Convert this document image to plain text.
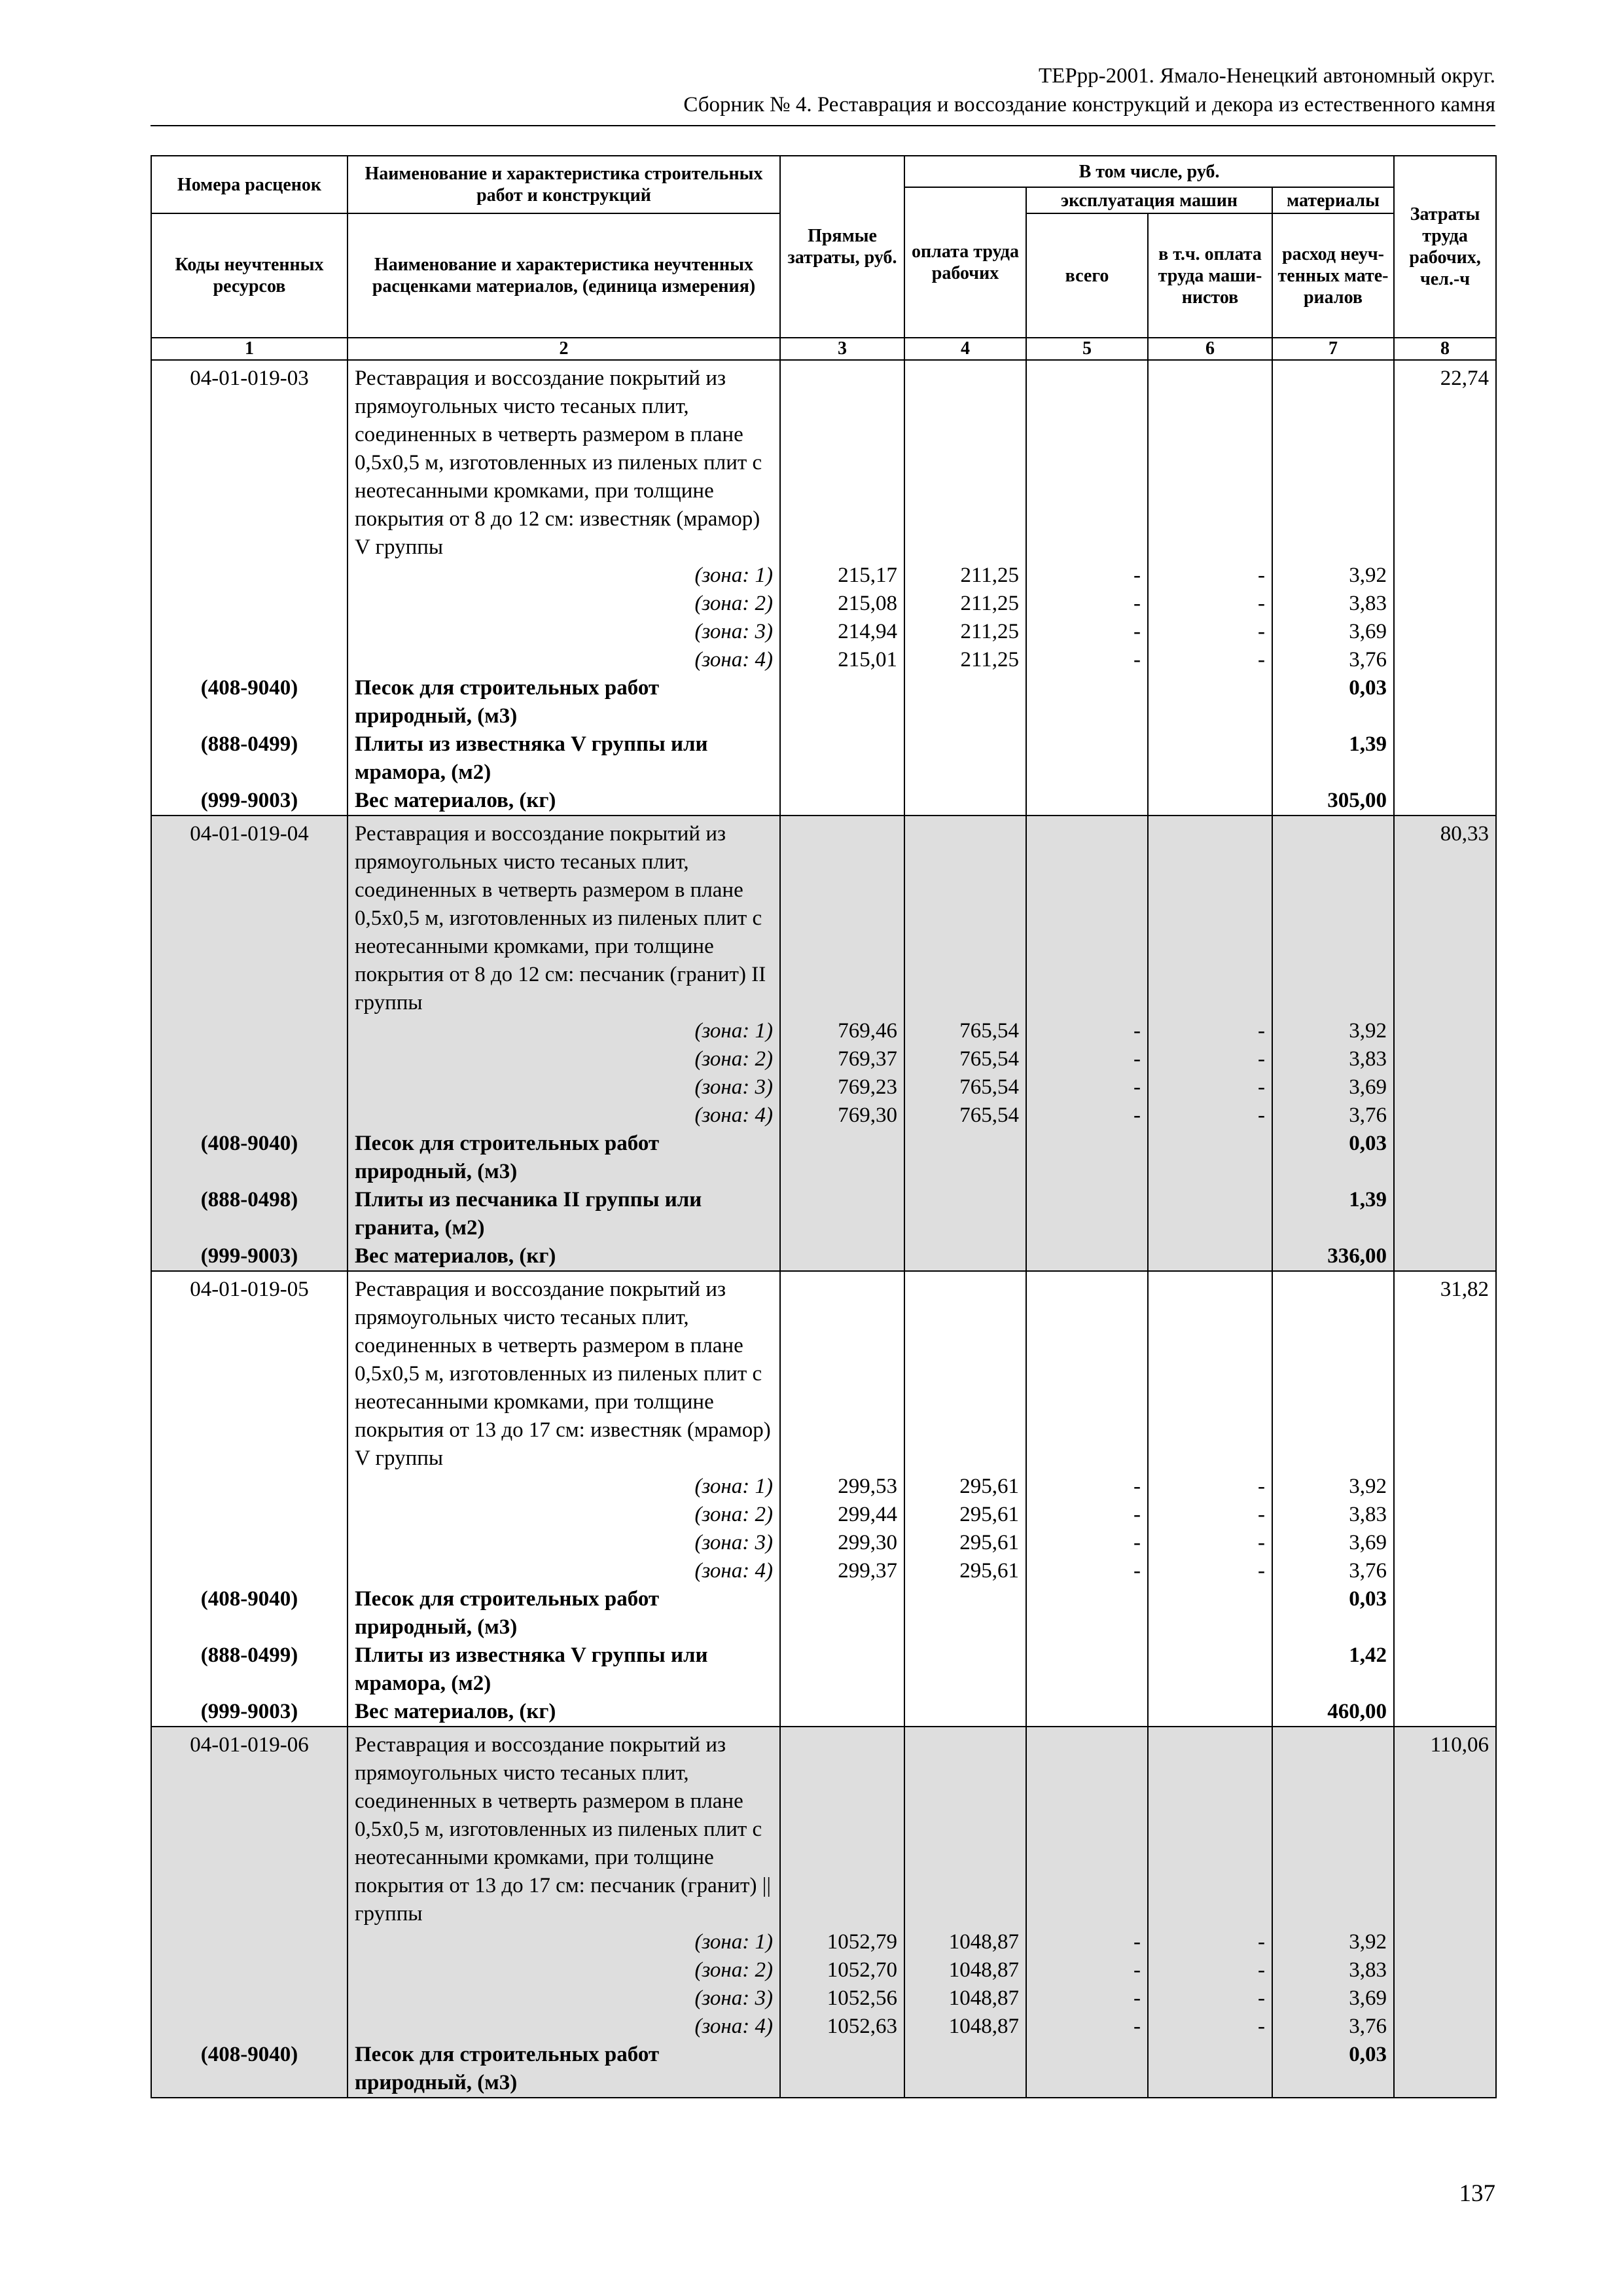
ТЕРрр-2001. Ямало-Ненецкий автономный округ.
Сборник № 4. Реставрация и воссоздание конструкций и декора из естественного камня
Номера расценок	Наименование и характеристика строительных работ и конструкций	Прямые затраты, руб.	В том числе, руб.				Затраты труда рабочих, чел.-ч
			оплата труда рабочих	эксплуатация машин		материалы	
Коды неучтенных ресурсов	Наименование и характеристика неучтенных расценками материалов, (единица измерения)			всего	в т.ч. оплата труда маши-нистов	расход неуч-тенных мате-риалов	

1	2	3	4	5	6	7	8
04-01-019-03	Реставрация и воссоздание покрытий из прямоугольных чисто тесаных плит, соединенных в четверть размером в плане 0,5х0,5 м, изготовленных из пиленых плит с неотесанными кромками, при толщине покрытия от 8 до 12 см: известняк (мрамор) V группы						22,74
	(зона: 1)	215,17	211,25	-	-	3,92	
	(зона: 2)	215,08	211,25	-	-	3,83	
	(зона: 3)	214,94	211,25	-	-	3,69	
	(зона: 4)	215,01	211,25	-	-	3,76	
(408-9040)	Песок для строительных работ природный, (м3)					0,03	
(888-0499)	Плиты из известняка V группы или мрамора, (м2)					1,39	
(999-9003)	Вес материалов, (кг)					305,00	
04-01-019-04	Реставрация и воссоздание покрытий из прямоугольных чисто тесаных плит, соединенных в четверть размером в плане 0,5х0,5 м, изготовленных из пиленых плит с неотесанными кромками, при толщине покрытия от 8 до 12 см: песчаник (гранит) II группы						80,33
	(зона: 1)	769,46	765,54	-	-	3,92	
	(зона: 2)	769,37	765,54	-	-	3,83	
	(зона: 3)	769,23	765,54	-	-	3,69	
	(зона: 4)	769,30	765,54	-	-	3,76	
(408-9040)	Песок для строительных работ природный, (м3)					0,03	
(888-0498)	Плиты из песчаника II группы или гранита, (м2)					1,39	
(999-9003)	Вес материалов, (кг)					336,00	
04-01-019-05	Реставрация и воссоздание покрытий из прямоугольных чисто тесаных плит, соединенных в четверть размером в плане 0,5х0,5 м, изготовленных из пиленых плит с неотесанными кромками, при толщине покрытия от 13 до 17 см: известняк (мрамор) V группы						31,82
	(зона: 1)	299,53	295,61	-	-	3,92	
	(зона: 2)	299,44	295,61	-	-	3,83	
	(зона: 3)	299,30	295,61	-	-	3,69	
	(зона: 4)	299,37	295,61	-	-	3,76	
(408-9040)	Песок для строительных работ природный, (м3)					0,03	
(888-0499)	Плиты из известняка V группы или мрамора, (м2)					1,42	
(999-9003)	Вес материалов, (кг)					460,00	
04-01-019-06	Реставрация и воссоздание покрытий из прямоугольных чисто тесаных плит, соединенных в четверть размером в плане 0,5х0,5 м, изготовленных из пиленых плит с неотесанными кромками, при толщине покрытия от 13 до 17 см: песчаник (гранит) || группы						110,06
	(зона: 1)	1052,79	1048,87	-	-	3,92	
	(зона: 2)	1052,70	1048,87	-	-	3,83	
	(зона: 3)	1052,56	1048,87	-	-	3,69	
	(зона: 4)	1052,63	1048,87	-	-	3,76	
(408-9040)	Песок для строительных работ природный, (м3)					0,03	
137
